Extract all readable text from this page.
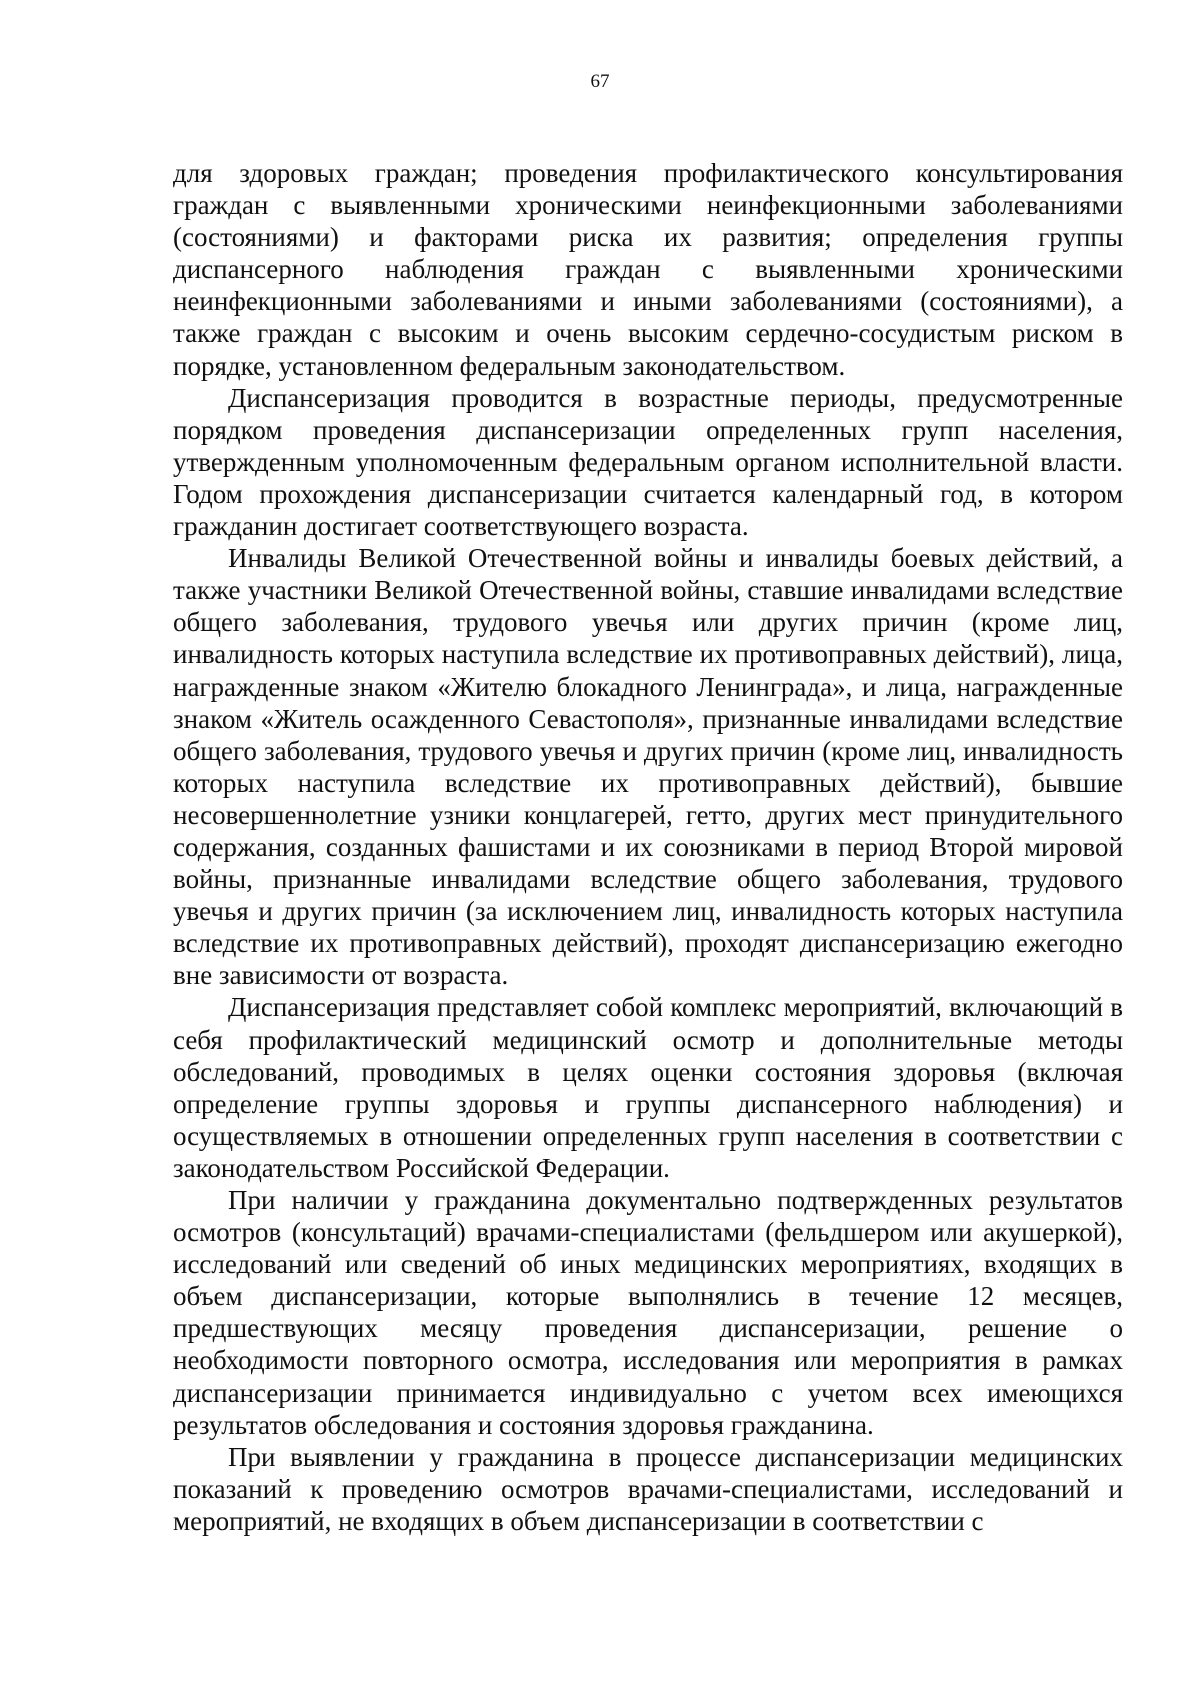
67

для здоровых граждан; проведения профилактического консультирования граждан с выявленными хроническими неинфекционными заболеваниями (состояниями) и факторами риска их развития; определения группы диспансерного наблюдения граждан с выявленными хроническими неинфекционными заболеваниями и иными заболеваниями (состояниями), а также граждан с высоким и очень высоким сердечно-сосудистым риском в порядке, установленном федеральным законодательством.

Диспансеризация проводится в возрастные периоды, предусмотренные порядком проведения диспансеризации определенных групп населения, утвержденным уполномоченным федеральным органом исполнительной власти. Годом прохождения диспансеризации считается календарный год, в котором гражданин достигает соответствующего возраста.

Инвалиды Великой Отечественной войны и инвалиды боевых действий, а также участники Великой Отечественной войны, ставшие инвалидами вследствие общего заболевания, трудового увечья или других причин (кроме лиц, инвалидность которых наступила вследствие их противоправных действий), лица, награжденные знаком «Жителю блокадного Ленинграда», и лица, награжденные знаком «Житель осажденного Севастополя», признанные инвалидами вследствие общего заболевания, трудового увечья и других причин (кроме лиц, инвалидность которых наступила вследствие их противоправных действий), бывшие несовершеннолетние узники концлагерей, гетто, других мест принудительного содержания, созданных фашистами и их союзниками в период Второй мировой войны, признанные инвалидами вследствие общего заболевания, трудового увечья и других причин (за исключением лиц, инвалидность которых наступила вследствие их противоправных действий), проходят диспансеризацию ежегодно вне зависимости от возраста.

Диспансеризация представляет собой комплекс мероприятий, включающий в себя профилактический медицинский осмотр и дополнительные методы обследований, проводимых в целях оценки состояния здоровья (включая определение группы здоровья и группы диспансерного наблюдения) и осуществляемых в отношении определенных групп населения в соответствии с законодательством Российской Федерации.

При наличии у гражданина документально подтвержденных результатов осмотров (консультаций) врачами-специалистами (фельдшером или акушеркой), исследований или сведений об иных медицинских мероприятиях, входящих в объем диспансеризации, которые выполнялись в течение 12 месяцев, предшествующих месяцу проведения диспансеризации, решение о необходимости повторного осмотра, исследования или мероприятия в рамках диспансеризации принимается индивидуально с учетом всех имеющихся результатов обследования и состояния здоровья гражданина.

При выявлении у гражданина в процессе диспансеризации медицинских показаний к проведению осмотров врачами-специалистами, исследований и мероприятий, не входящих в объем диспансеризации в соответствии с
